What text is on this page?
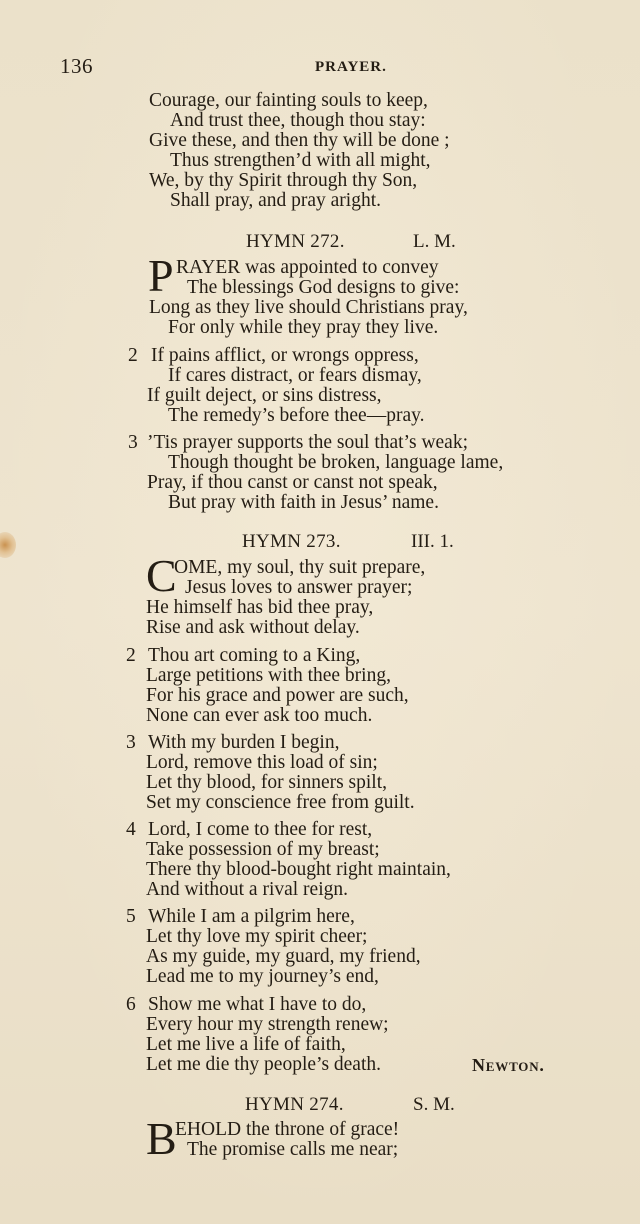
136	PRAYER.
Courage, our fainting souls to keep,
And trust thee, though thou stay:
Give these, and then thy will be done ;
Thus strengthen’d with all might,
We, by thy Spirit through thy Son,
Shall pray, and pray aright.
HYMN 272.	L. M.
P RAYER was appointed to convey
The blessings God designs to give:
Long as they live should Christians pray,
For only while they pray they live.
2 If pains afflict, or wrongs oppress,
If cares distract, or fears dismay,
If guilt deject, or sins distress,
The remedy’s before thee—pray.
3 ’Tis prayer supports the soul that’s weak;
Though thought be broken, language lame,
Pray, if thou canst or canst not speak,
But pray with faith in Jesus’ name.
HYMN 273.	III. 1.
C
OME, my soul, thy suit prepare,
Jesus loves to answer prayer;
He himself has bid thee pray,
Rise and ask without delay.
2 Thou art coming to a King,
Large petitions with thee bring,
For his grace and power are such,
None can ever ask too much.
3 With my burden I begin,
Lord, remove this load of sin;
Let thy blood, for sinners spilt,
Set my conscience free from guilt.
4 Lord, I come to thee for rest,
Take possession of my breast;
There thy blood-bought right maintain,
And without a rival reign.
5 While I am a pilgrim here,
Let thy love my spirit cheer;
As my guide, my guard, my friend,
Lead me to my journey’s end,
6 Show me what I have to do,
Every hour my strength renew;
Let me live a life of faith,
Let me die thy people’s death.	Newton.
HYMN 274.	S. M.
B
EHOLD the throne of grace!
The promise calls me near;
